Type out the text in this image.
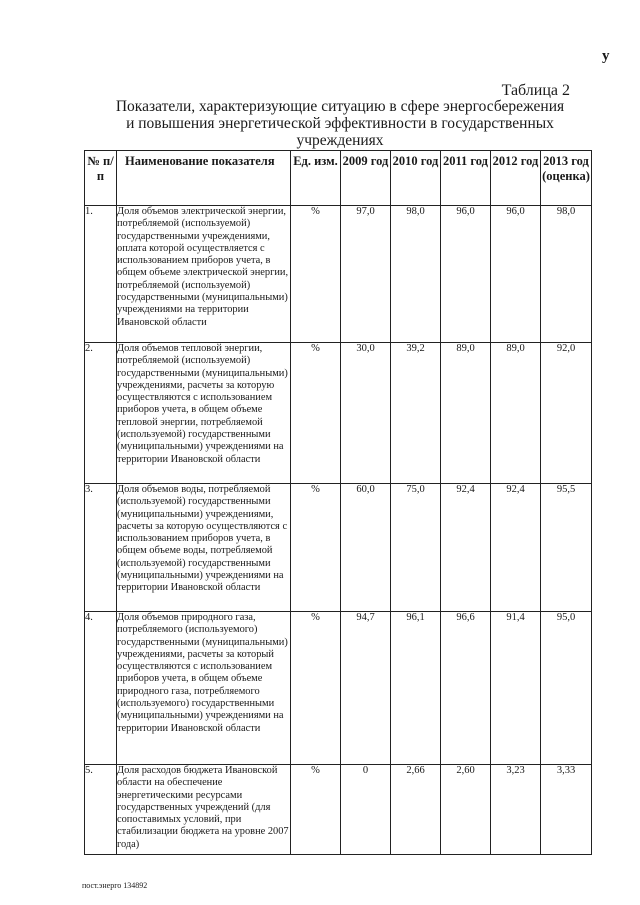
у
Таблица 2
Показатели, характеризующие ситуацию в сфере энергосбережения и повышения энергетической эффективности в государственных учреждениях
№ п/п	Наименование показателя	Ед. изм.	2009 год	2010 год	2011 год	2012 год	2013 год (оценка)
1.	Доля объемов электрической энергии, потребляемой (используемой) государственными учреждениями, оплата которой осуществляется с использованием приборов учета, в общем объеме электрической энергии, потребляемой (используемой) государственными (муниципальными) учреждениями на территории Ивановской области	%	97,0	98,0	96,0	96,0	98,0
2.	Доля объемов тепловой энергии, потребляемой (используемой) государственными (муниципальными) учреждениями, расчеты за которую осуществляются с использованием приборов учета, в общем объеме тепловой энергии, потребляемой (используемой) государственными (муниципальными) учреждениями на территории Ивановской области	%	30,0	39,2	89,0	89,0	92,0
3.	Доля объемов воды, потребляемой (используемой) государственными (муниципальными) учреждениями, расчеты за которую осуществляются с использованием приборов учета, в общем объеме воды, потребляемой (используемой) государственными (муниципальными) учреждениями на территории Ивановской области	%	60,0	75,0	92,4	92,4	95,5
4.	Доля объемов природного газа, потребляемого (используемого) государственными (муниципальными) учреждениями, расчеты за который осуществляются с использованием приборов учета, в общем объеме природного газа, потребляемого (используемого) государственными (муниципальными) учреждениями на территории Ивановской области	%	94,7	96,1	96,6	91,4	95,0
5.	Доля расходов бюджета Ивановской области на обеспечение энергетическими ресурсами государственных учреждений (для сопоставимых условий, при стабилизации бюджета на уровне 2007 года)	%	0	2,66	2,60	3,23	3,33
пост.энерго 134892
